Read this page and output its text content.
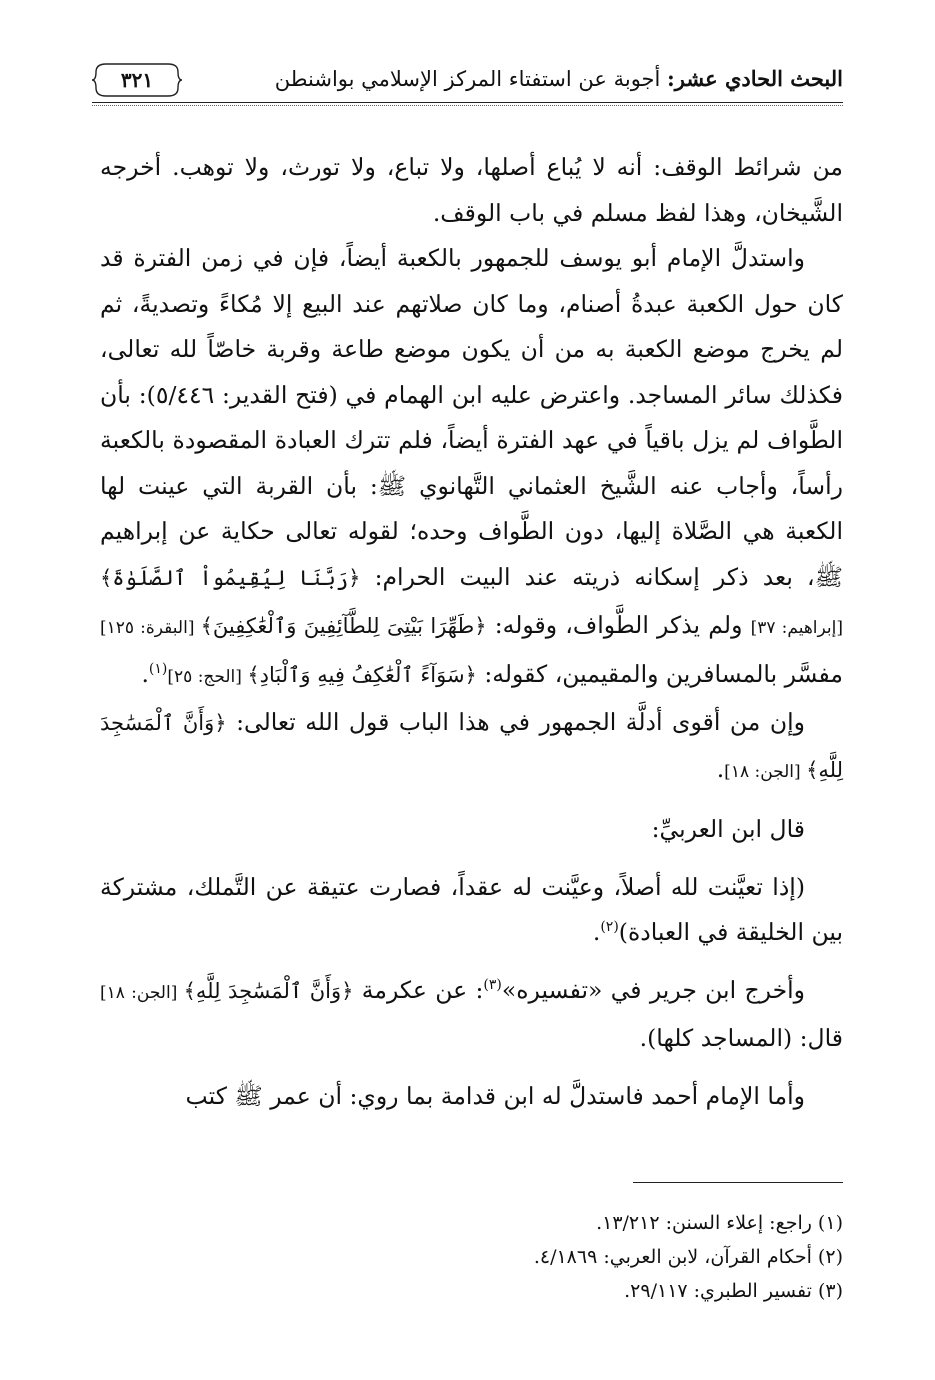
البحث الحادي عشر: أجوبة عن استفتاء المركز الإسلامي بواشنطن
٣٢١

من شرائط الوقف: أنه لا يُباع أصلها، ولا تباع، ولا تورث، ولا توهب. أخرجه الشَّيخان، وهذا لفظ مسلم في باب الوقف.

واستدلَّ الإمام أبو يوسف للجمهور بالكعبة أيضاً، فإن في زمن الفترة قد كان حول الكعبة عبدةُ أصنام، وما كان صلاتهم عند البيع إلا مُكاءً وتصديةً، ثم لم يخرج موضع الكعبة به من أن يكون موضع طاعة وقربة خاصّاً لله تعالى، فكذلك سائر المساجد. واعترض عليه ابن الهمام في (فتح القدير: ٥/٤٤٦): بأن الطَّواف لم يزل باقياً في عهد الفترة أيضاً، فلم تترك العبادة المقصودة بالكعبة رأساً، وأجاب عنه الشَّيخ العثماني التَّهانوي ﷺ: بأن القربة التي عينت لها الكعبة هي الصَّلاة إليها، دون الطَّواف وحده؛ لقوله تعالى حكاية عن إبراهيم ﷺ، بعد ذكر إسكانه ذريته عند البيت الحرام: ﴿رَبَّنَا لِيُقِيمُواْ ٱلصَّلَوٰةَ﴾ [إبراهيم: ٣٧] ولم يذكر الطَّواف، وقوله: ﴿طَهِّرَا بَيْتِىَ لِلطَّآئِفِينَ وَٱلْعَٰكِفِينَ﴾ [البقرة: ١٢٥] مفسَّر بالمسافرين والمقيمين، كقوله: ﴿سَوَآءً ٱلْعَٰكِفُ فِيهِ وَٱلْبَادِ﴾ [الحج: ٢٥]$^{(١)}$.

وإن من أقوى أدلَّة الجمهور في هذا الباب قول الله تعالى: ﴿وَأَنَّ ٱلْمَسَٰجِدَ لِلَّهِ﴾ [الجن: ١٨].

قال ابن العربيِّ:

(إذا تعيَّنت لله أصلاً، وعيَّنت له عقداً، فصارت عتيقة عن التَّملك، مشتركة بين الخليقة في العبادة)$^{(٢)}$.

وأخرج ابن جرير في «تفسيره»$^{(٣)}$: عن عكرمة ﴿وَأَنَّ ٱلْمَسَٰجِدَ لِلَّهِ﴾ [الجن: ١٨] قال: (المساجد كلها).

وأما الإمام أحمد فاستدلَّ له ابن قدامة بما روي: أن عمر ﷺ كتب

(١) راجع: إعلاء السنن: ١٣/٢١٢.
(٢) أحكام القرآن، لابن العربي: ٤/١٨٦٩.
(٣) تفسير الطبري: ٢٩/١١٧.
